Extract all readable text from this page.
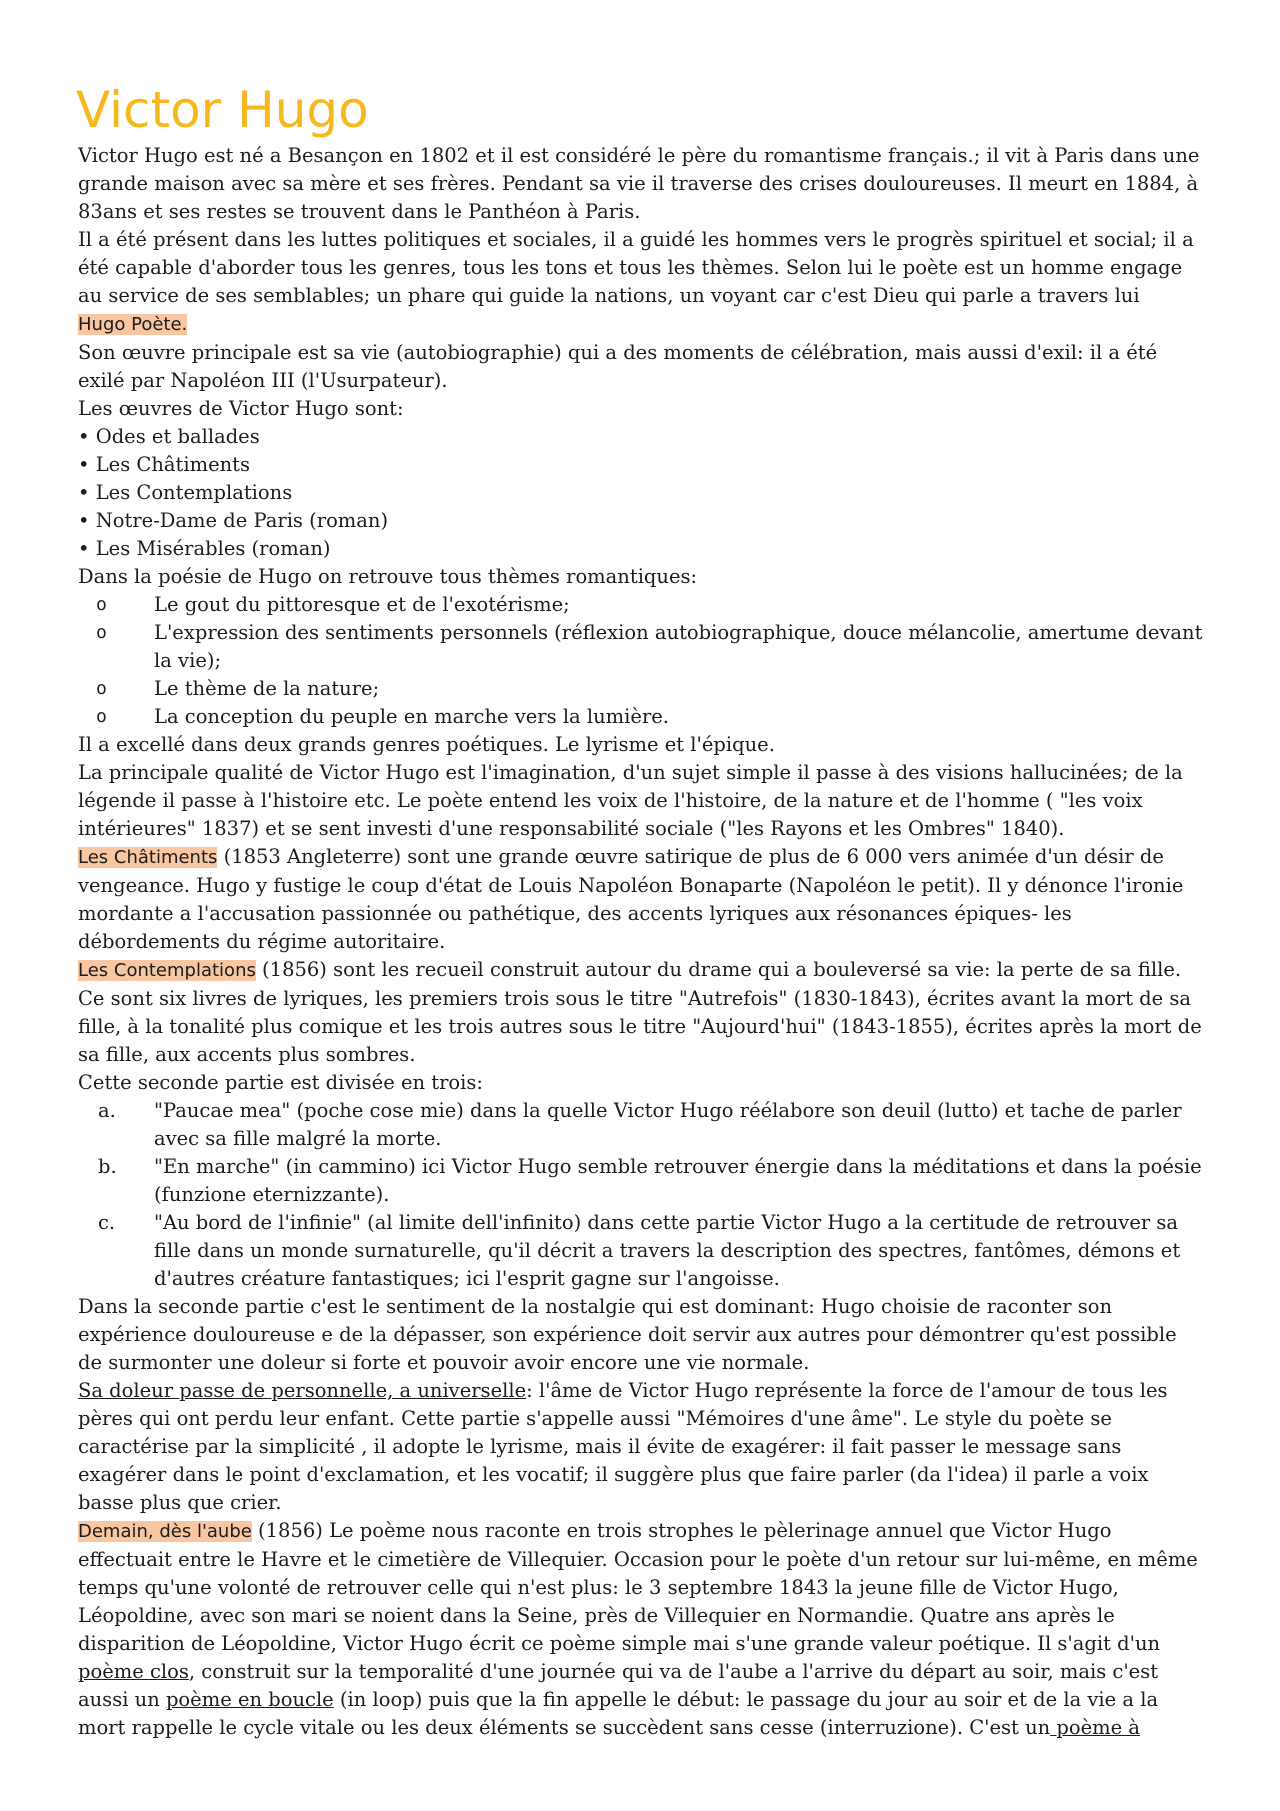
Victor Hugo

Victor Hugo est né a Besançon en 1802 et il est considéré le père du romantisme français.; il vit à Paris dans une grande maison avec sa mère et ses frères. Pendant sa vie il traverse des crises douloureuses. Il meurt en 1884, à 83ans et ses restes se trouvent dans le Panthéon à Paris.

Il a été présent dans les luttes politiques et sociales, il a guidé les hommes vers le progrès spirituel et social; il a été capable d'aborder tous les genres, tous les tons et tous les thèmes. Selon lui le poète est un homme engage au service de ses semblables; un phare qui guide la nations, un voyant car c'est Dieu qui parle a travers lui

Hugo Poète.

Son œuvre principale est sa vie (autobiographie) qui a des moments de célébration, mais aussi d'exil: il a été exilé par Napoléon III (l'Usurpateur).

Les œuvres de Victor Hugo sont:

• Odes et ballades
• Les Châtiments
• Les Contemplations
• Notre-Dame de Paris (roman)
• Les Misérables (roman)

Dans la poésie de Hugo on retrouve tous thèmes romantiques:

o Le gout du pittoresque et de l'exotérisme;
o L'expression des sentiments personnels (réflexion autobiographique, douce mélancolie, amertume devant la vie);
o Le thème de la nature;
o La conception du peuple en marche vers la lumière.

Il a excellé dans deux grands genres poétiques. Le lyrisme et l'épique.

La principale qualité de Victor Hugo est l'imagination, d'un sujet simple il passe à des visions hallucinées; de la légende il passe à l'histoire etc. Le poète entend les voix de l'histoire, de la nature et de l'homme ( "les voix intérieures" 1837) et se sent investi d'une responsabilité sociale ("les Rayons et les Ombres" 1840).

Les Châtiments (1853 Angleterre) sont une grande œuvre satirique de plus de 6 000 vers animée d'un désir de vengeance. Hugo y fustige le coup d'état de Louis Napoléon Bonaparte (Napoléon le petit). Il y dénonce l'ironie mordante a l'accusation passionnée ou pathétique, des accents lyriques aux résonances épiques- les débordements du régime autoritaire.

Les Contemplations (1856) sont les recueil construit autour du drame qui a bouleversé sa vie: la perte de sa fille. Ce sont six livres de lyriques, les premiers trois sous le titre "Autrefois" (1830-1843), écrites avant la mort de sa fille, à la tonalité plus comique et les trois autres sous le titre "Aujourd'hui" (1843-1855), écrites après la mort de sa fille, aux accents plus sombres.

Cette seconde partie est divisée en trois:

a. "Paucae mea" (poche cose mie) dans la quelle Victor Hugo réélabore son deuil (lutto) et tache de parler avec sa fille malgré la morte.
b. "En marche" (in cammino) ici Victor Hugo semble retrouver énergie dans la méditations et dans la poésie (funzione eternizzante).
c. "Au bord de l'infinie" (al limite dell'infinito) dans cette partie Victor Hugo a la certitude de retrouver sa fille dans un monde surnaturelle, qu'il décrit a travers la description des spectres, fantômes, démons et d'autres créature fantastiques; ici l'esprit gagne sur l'angoisse.

Dans la seconde partie c'est le sentiment de la nostalgie qui est dominant: Hugo choisie de raconter son expérience douloureuse e de la dépasser, son expérience doit servir aux autres pour démontrer qu'est possible de surmonter une doleur si forte et pouvoir avoir encore une vie normale.

Sa doleur passe de personnelle, a universelle: l'âme de Victor Hugo représente la force de l'amour de tous les pères qui ont perdu leur enfant. Cette partie s'appelle aussi "Mémoires d'une âme". Le style du poète se caractérise par la simplicité , il adopte le lyrisme, mais il évite de exagérer: il fait passer le message sans exagérer dans le point d'exclamation, et les vocatif; il suggère plus que faire parler (da l'idea) il parle a voix basse plus que crier.

Demain, dès l'aube (1856) Le poème nous raconte en trois strophes le pèlerinage annuel que Victor Hugo effectuait entre le Havre et le cimetière de Villequier. Occasion pour le poète d'un retour sur lui-même, en même temps qu'une volonté de retrouver celle qui n'est plus: le 3 septembre 1843 la jeune fille de Victor Hugo, Léopoldine, avec son mari se noient dans la Seine, près de Villequier en Normandie. Quatre ans après le disparition de Léopoldine, Victor Hugo écrit ce poème simple mai s'une grande valeur poétique. Il s'agit d'un poème clos, construit sur la temporalité d'une journée qui va de l'aube a l'arrive du départ au soir, mais c'est aussi un poème en boucle (in loop) puis que la fin appelle le début: le passage du jour au soir et de la vie a la mort rappelle le cycle vitale ou les deux éléments se succèdent sans cesse (interruzione). C'est un poème à
